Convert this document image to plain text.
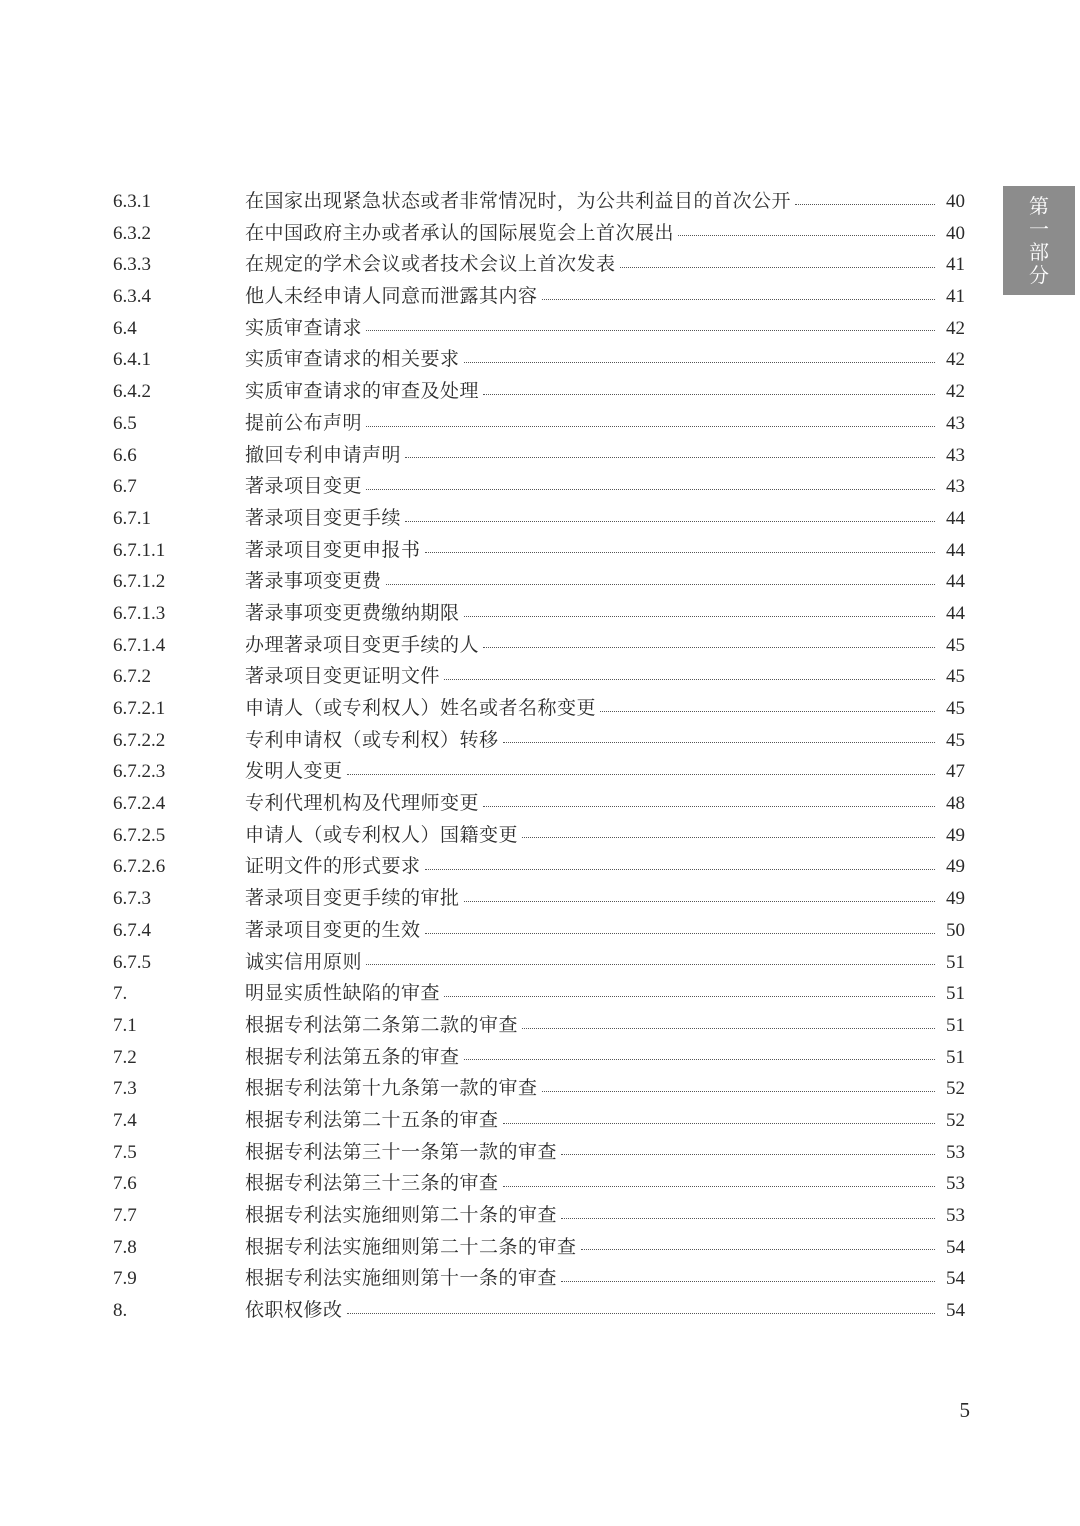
第
一
部
分
6.3.1	在国家出现紧急状态或者非常情况时，为公共利益目的首次公开	40
6.3.2	在中国政府主办或者承认的国际展览会上首次展出	40
6.3.3	在规定的学术会议或者技术会议上首次发表	41
6.3.4	他人未经申请人同意而泄露其内容	41
6.4	实质审查请求	42
6.4.1	实质审查请求的相关要求	42
6.4.2	实质审查请求的审查及处理	42
6.5	提前公布声明	43
6.6	撤回专利申请声明	43
6.7	著录项目变更	43
6.7.1	著录项目变更手续	44
6.7.1.1	著录项目变更申报书	44
6.7.1.2	著录事项变更费	44
6.7.1.3	著录事项变更费缴纳期限	44
6.7.1.4	办理著录项目变更手续的人	45
6.7.2	著录项目变更证明文件	45
6.7.2.1	申请人（或专利权人）姓名或者名称变更	45
6.7.2.2	专利申请权（或专利权）转移	45
6.7.2.3	发明人变更	47
6.7.2.4	专利代理机构及代理师变更	48
6.7.2.5	申请人（或专利权人）国籍变更	49
6.7.2.6	证明文件的形式要求	49
6.7.3	著录项目变更手续的审批	49
6.7.4	著录项目变更的生效	50
6.7.5	诚实信用原则	51
7.	明显实质性缺陷的审查	51
7.1	根据专利法第二条第二款的审查	51
7.2	根据专利法第五条的审查	51
7.3	根据专利法第十九条第一款的审查	52
7.4	根据专利法第二十五条的审查	52
7.5	根据专利法第三十一条第一款的审查	53
7.6	根据专利法第三十三条的审查	53
7.7	根据专利法实施细则第二十条的审查	53
7.8	根据专利法实施细则第二十二条的审查	54
7.9	根据专利法实施细则第十一条的审查	54
8.	依职权修改	54
5
